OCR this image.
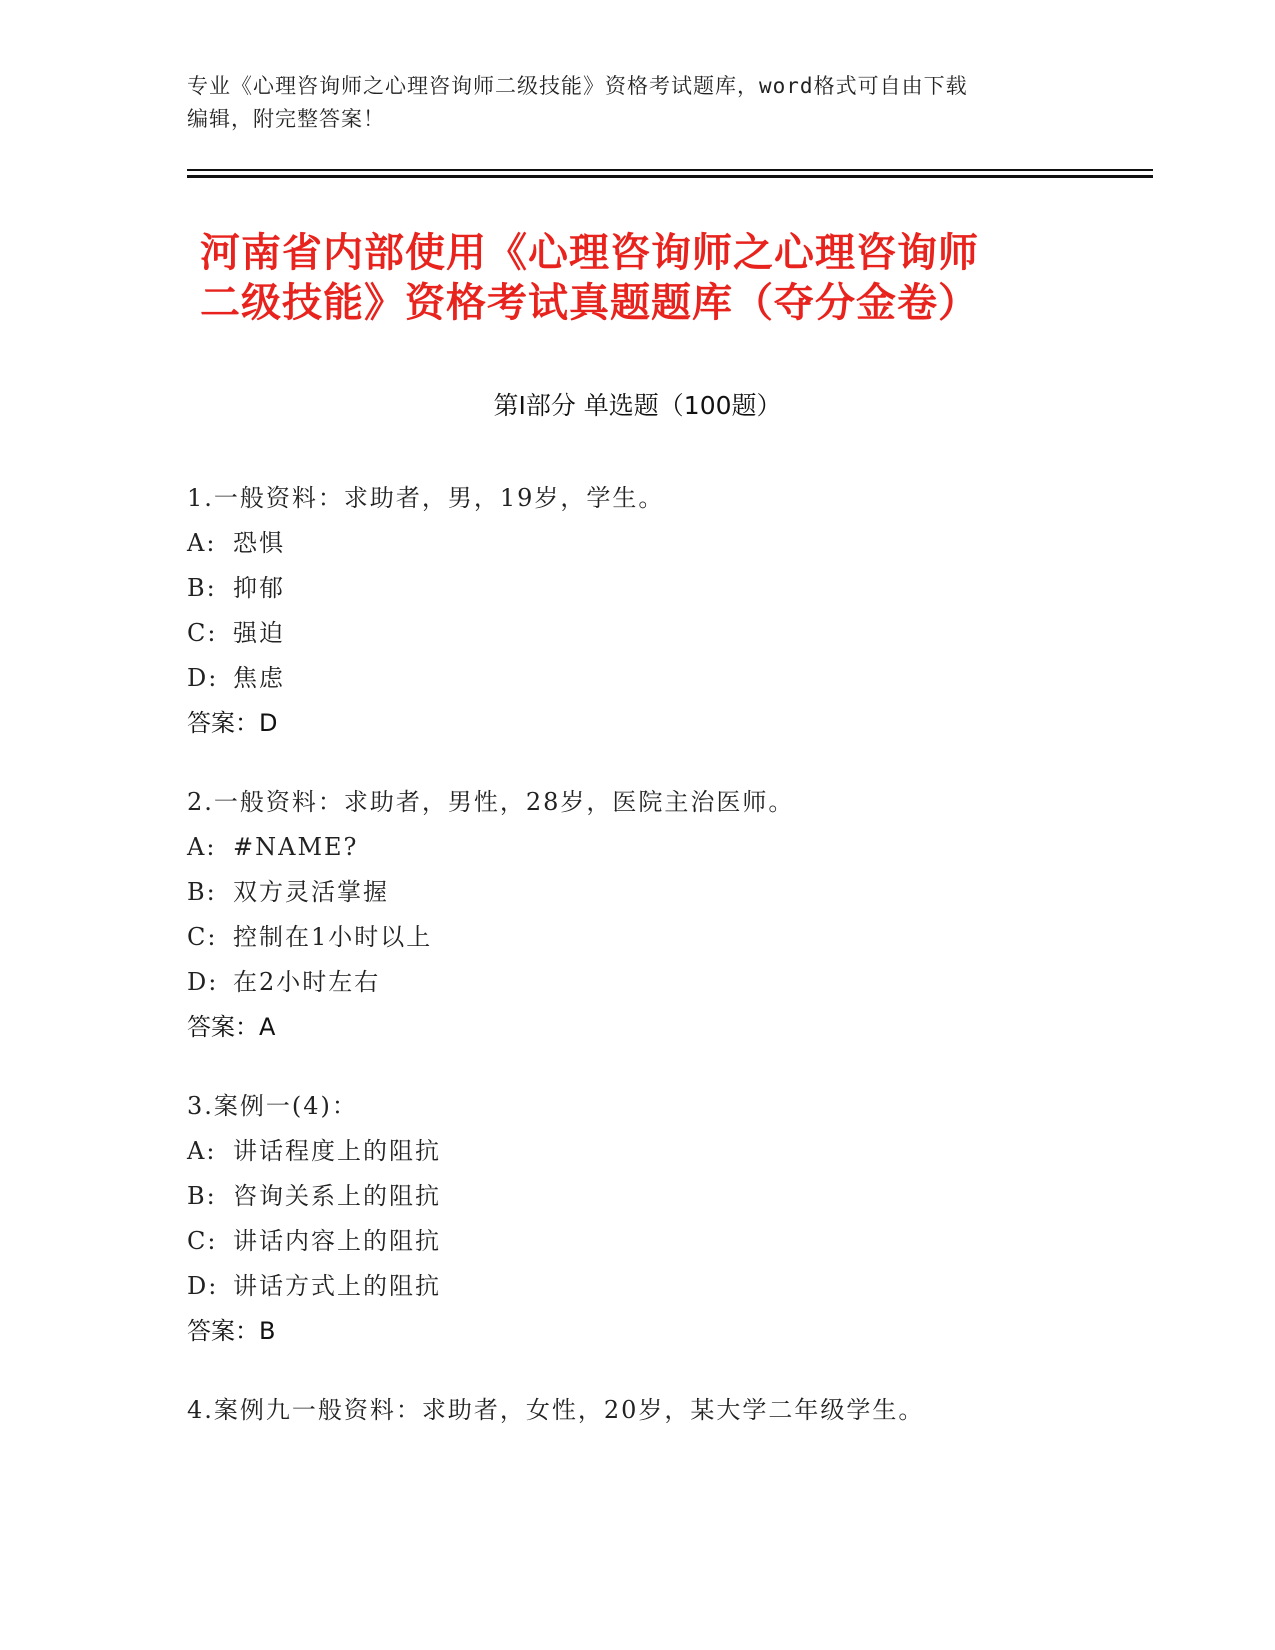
专业《心理咨询师之心理咨询师二级技能》资格考试题库，word格式可自由下载
编辑，附完整答案！
河南省内部使用《心理咨询师之心理咨询师
二级技能》资格考试真题题库（夺分金卷）
第Ⅰ部分 单选题（100题）
1.一般资料：求助者，男，19岁，学生。
A: 恐惧
B: 抑郁
C: 强迫
D: 焦虑
答案：D
2.一般资料：求助者，男性，28岁，医院主治医师。
A: #NAME?
B: 双方灵活掌握
C: 控制在1小时以上
D: 在2小时左右
答案：A
3.案例一(4)：
A: 讲话程度上的阻抗
B: 咨询关系上的阻抗
C: 讲话内容上的阻抗
D: 讲话方式上的阻抗
答案：B
4.案例九一般资料：求助者，女性，20岁，某大学二年级学生。
